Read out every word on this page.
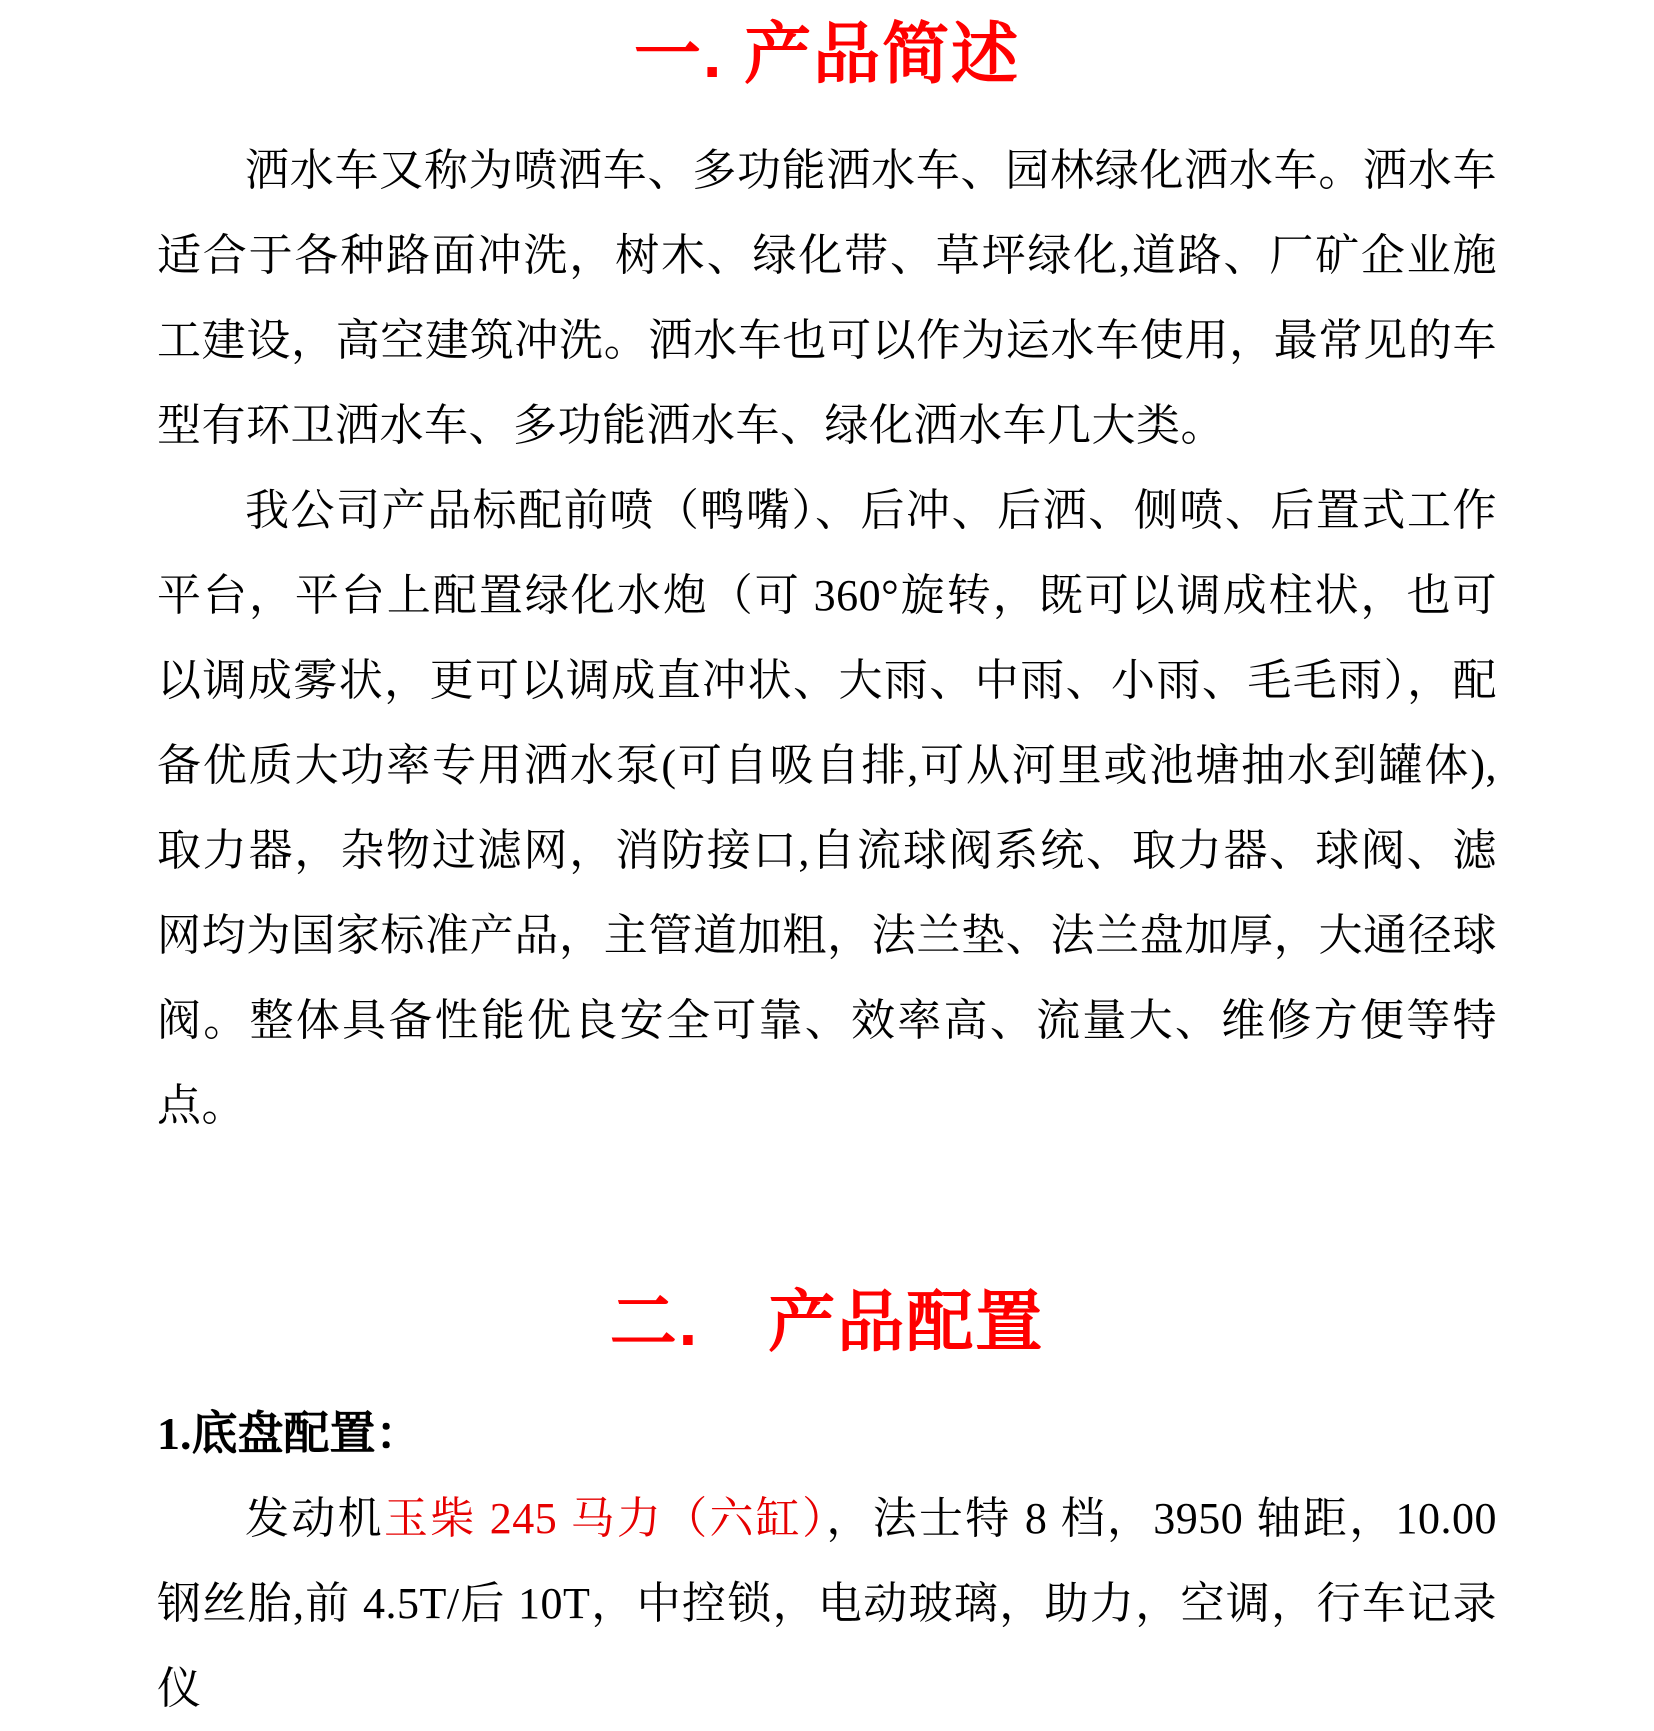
一. 产品简述

洒水车又称为喷洒车、多功能洒水车、园林绿化洒水车。洒水车适合于各种路面冲洗，树木、绿化带、草坪绿化,道路、厂矿企业施工建设，高空建筑冲洗。洒水车也可以作为运水车使用，最常见的车型有环卫洒水车、多功能洒水车、绿化洒水车几大类。

我公司产品标配前喷（鸭嘴）、后冲、后洒、侧喷、后置式工作平台，平台上配置绿化水炮（可 360°旋转，既可以调成柱状，也可以调成雾状，更可以调成直冲状、大雨、中雨、小雨、毛毛雨），配备优质大功率专用洒水泵(可自吸自排,可从河里或池塘抽水到罐体),取力器，杂物过滤网，消防接口,自流球阀系统、取力器、球阀、滤网均为国家标准产品，主管道加粗，法兰垫、法兰盘加厚，大通径球阀。整体具备性能优良安全可靠、效率高、流量大、维修方便等特点。

二.　产品配置
1.底盘配置：

发动机玉柴 245 马力（六缸），法士特 8 档，3950 轴距，10.00 钢丝胎,前 4.5T/后 10T，中控锁，电动玻璃，助力，空调，行车记录仪
